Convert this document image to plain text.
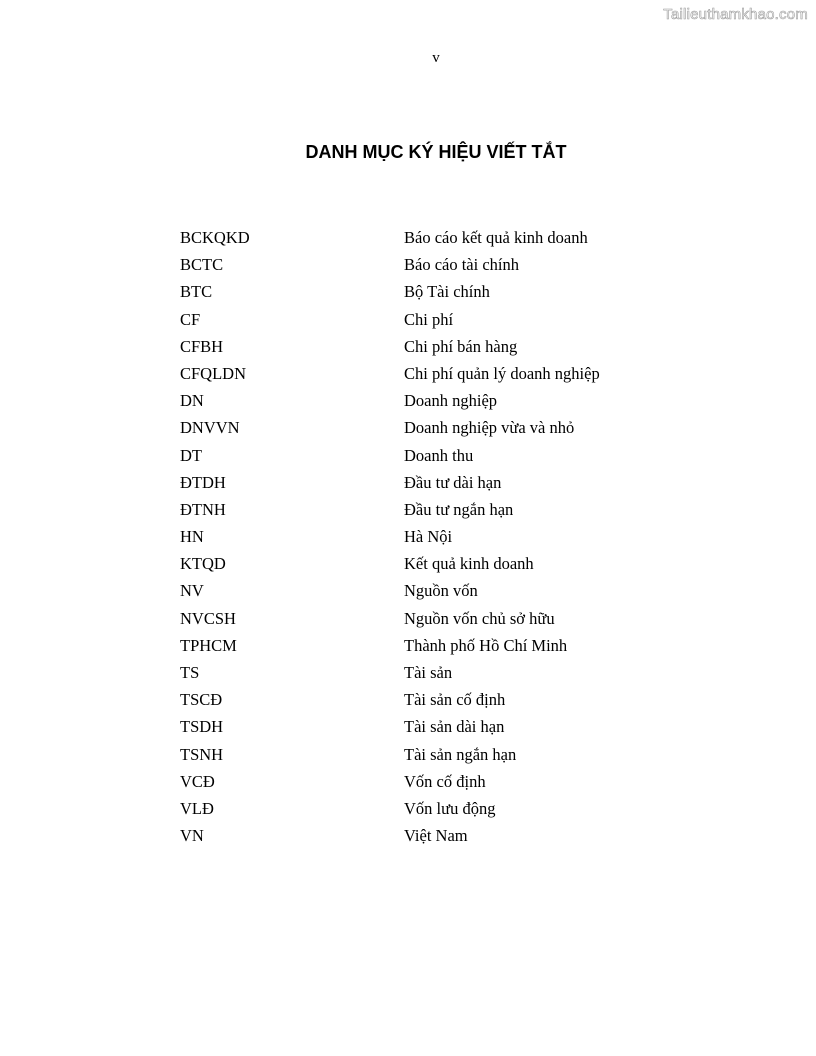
Tailieuthamkhao.com
v
DANH MỤC KÝ HIỆU VIẾT TẮT
BCKQKD	Báo cáo kết quả kinh doanh
BCTC	Báo cáo tài chính
BTC	Bộ Tài chính
CF	Chi phí
CFBH	Chi phí bán hàng
CFQLDN	Chi phí quản lý doanh nghiệp
DN	Doanh nghiệp
DNVVN	Doanh nghiệp vừa và nhỏ
DT	Doanh thu
ĐTDH	Đầu tư dài hạn
ĐTNH	Đầu tư ngắn hạn
HN	Hà Nội
KTQD	Kết quả kinh doanh
NV	Nguồn vốn
NVCSH	Nguồn vốn chủ sở hữu
TPHCM	Thành phố Hồ Chí Minh
TS	Tài sản
TSCĐ	Tài sản cố định
TSDH	Tài sản dài hạn
TSNH	Tài sản ngắn hạn
VCĐ	Vốn cố định
VLĐ	Vốn lưu động
VN	Việt Nam
